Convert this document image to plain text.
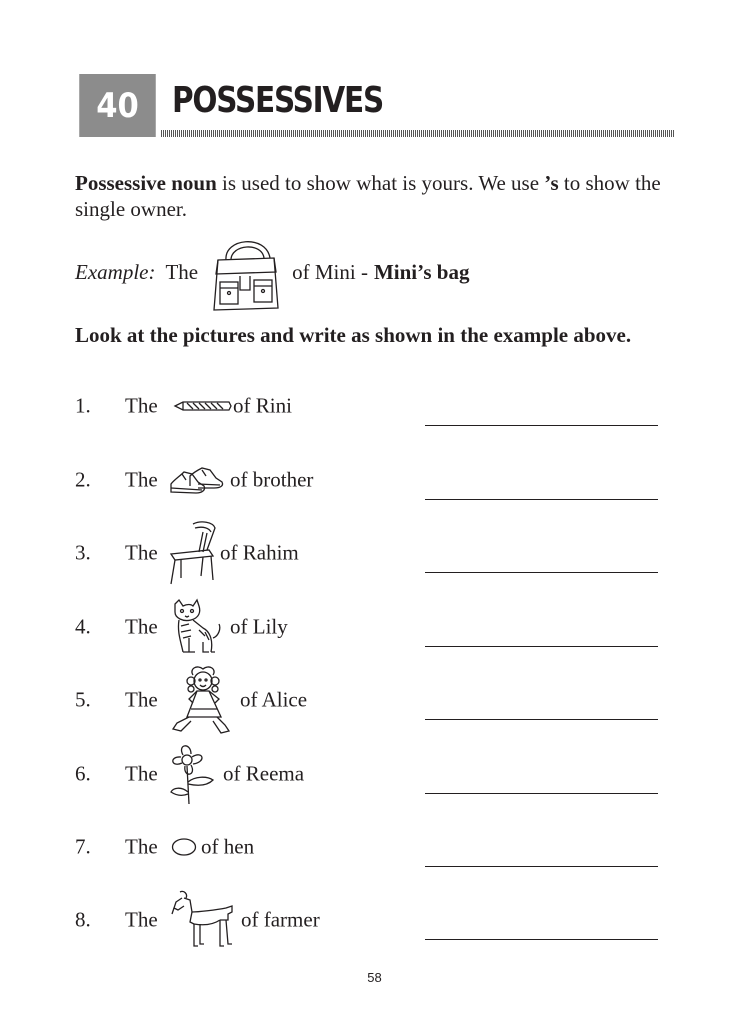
40 POSSESSIVES
Possessive noun is used to show what is yours. We use ’s to show the single owner.
Example: The	of Mini - Mini’s bag
Look at the pictures and write as shown in the example above.
1. The	of Rini
2. The	of brother
3. The	of Rahim
4. The	of Lily
5. The	of Alice
6. The	of Reema
7. The of hen
8. The	of farmer
58
